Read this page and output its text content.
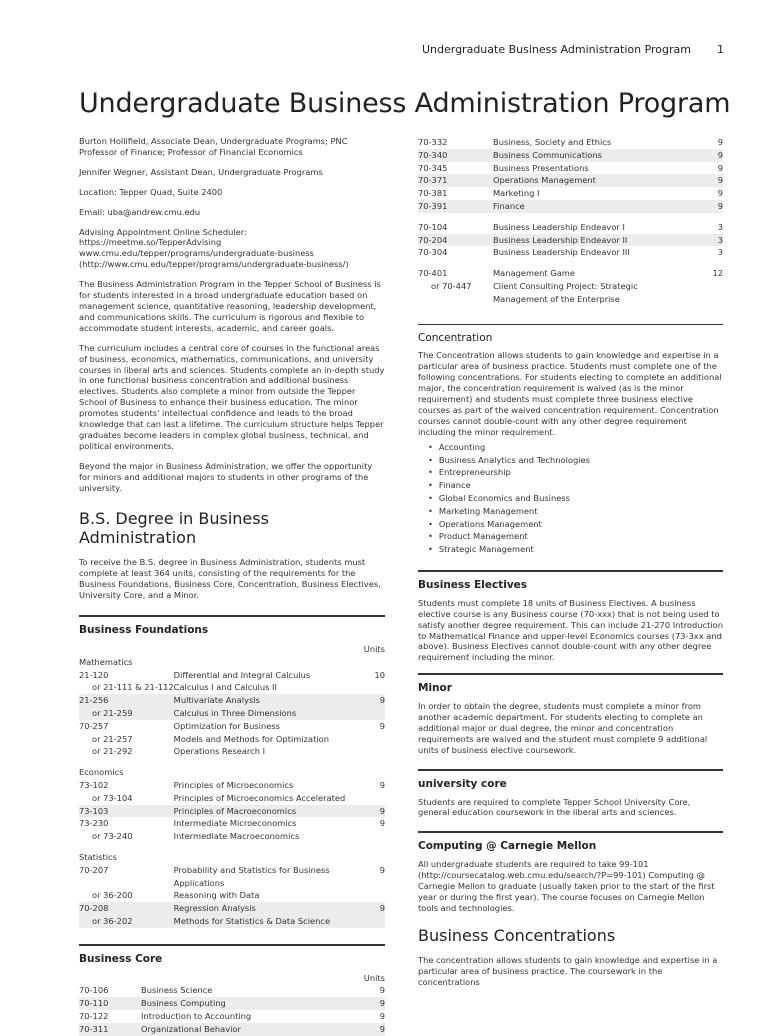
Undergraduate Business Administration Program 1
Undergraduate Business Administration Program

Burton Hollifield, Associate Dean, Undergraduate Programs; PNC Professor of Finance; Professor of Financial Economics

Jennifer Wegner, Assistant Dean, Undergraduate Programs

Location: Tepper Quad, Suite 2400

Email: uba@andrew.cmu.edu

Advising Appointment Online Scheduler: https://meetme.so/TepperAdvising www.cmu.edu/tepper/programs/undergraduate-business (http://www.cmu.edu/tepper/programs/undergraduate-business/)

The Business Administration Program in the Tepper School of Business is for students interested in a broad undergraduate education based on management science, quantitative reasoning, leadership development, and communications skills. The curriculum is rigorous and flexible to accommodate student interests, academic, and career goals.

The curriculum includes a central core of courses in the functional areas of business, economics, mathematics, communications, and university courses in liberal arts and sciences. Students complete an in-depth study in one functional business concentration and additional business electives. Students also complete a minor from outside the Tepper School of Business to enhance their business education. The minor promotes students' intellectual confidence and leads to the broad knowledge that can last a lifetime. The curriculum structure helps Tepper graduates become leaders in complex global business, technical, and political environments.

Beyond the major in Business Administration, we offer the opportunity for minors and additional majors to students in other programs of the university.

B.S. Degree in Business Administration

To receive the B.S. degree in Business Administration, students must complete at least 364 units, consisting of the requirements for the Business Foundations, Business Core, Concentration, Business Electives, University Core, and a Minor.

Business Foundations
		Units
Mathematics		
21-120	Differential and Integral Calculus	10
or 21-111 & 21-112	Calculus I and Calculus II	
21-256	Multivariate Analysis	9
or 21-259	Calculus in Three Dimensions	
70-257	Optimization for Business	9
or 21-257	Models and Methods for Optimization	
or 21-292	Operations Research I	
Economics		
73-102	Principles of Microeconomics	9
or 73-104	Principles of Microeconomics Accelerated	
73-103	Principles of Macroeconomics	9
73-230	Intermediate Microeconomics	9
or 73-240	Intermediate Macroeconomics	
Statistics		
70-207	Probability and Statistics for Business Applications	9
or 36-200	Reasoning with Data	
70-208	Regression Analysis	9
or 36-202	Methods for Statistics & Data Science	
Business Core
		Units
70-106	Business Science	9
70-110	Business Computing	9
70-122	Introduction to Accounting	9
70-311	Organizational Behavior	9
70-332	Business, Society and Ethics	9
70-340	Business Communications	9
70-345	Business Presentations	9
70-371	Operations Management	9
70-381	Marketing I	9
70-391	Finance	9
70-104	Business Leadership Endeavor I	3
70-204	Business Leadership Endeavor II	3
70-304	Business Leadership Endeavor III	3
70-401	Management Game	12
or 70-447	Client Consulting Project: Strategic Management of the Enterprise	
Concentration

The Concentration allows students to gain knowledge and expertise in a particular area of business practice. Students must complete one of the following concentrations. For students electing to complete an additional major, the concentration requirement is waived (as is the minor requirement) and students must complete three business elective courses as part of the waived concentration requirement. Concentration courses cannot double-count with any other degree requirement including the minor requirement.

• Accounting
• Business Analytics and Technologies
• Entrepreneurship
• Finance
• Global Economics and Business
• Marketing Management
• Operations Management
• Product Management
• Strategic Management
Business Electives

Students must complete 18 units of Business Electives. A business elective course is any Business course (70-xxx) that is not being used to satisfy another degree requirement. This can include 21-270 Introduction to Mathematical Finance and upper-level Economics courses (73-3xx and above). Business Electives cannot double-count with any other degree requirement including the minor.

Minor

In order to obtain the degree, students must complete a minor from another academic department. For students electing to complete an additional major or dual degree, the minor and concentration requirements are waived and the student must complete 9 additional units of business elective coursework.

university core

Students are required to complete Tepper School University Core, general education coursework in the liberal arts and sciences.

Computing @ Carnegie Mellon

All undergraduate students are required to take 99-101 (http://coursecatalog.web.cmu.edu/search/?P=99-101) Computing @ Carnegie Mellon to graduate (usually taken prior to the start of the first year or during the first year). The course focuses on Carnegie Mellon tools and technologies.

Business Concentrations

The concentration allows students to gain knowledge and expertise in a particular area of business practice. The coursework in the concentrations
